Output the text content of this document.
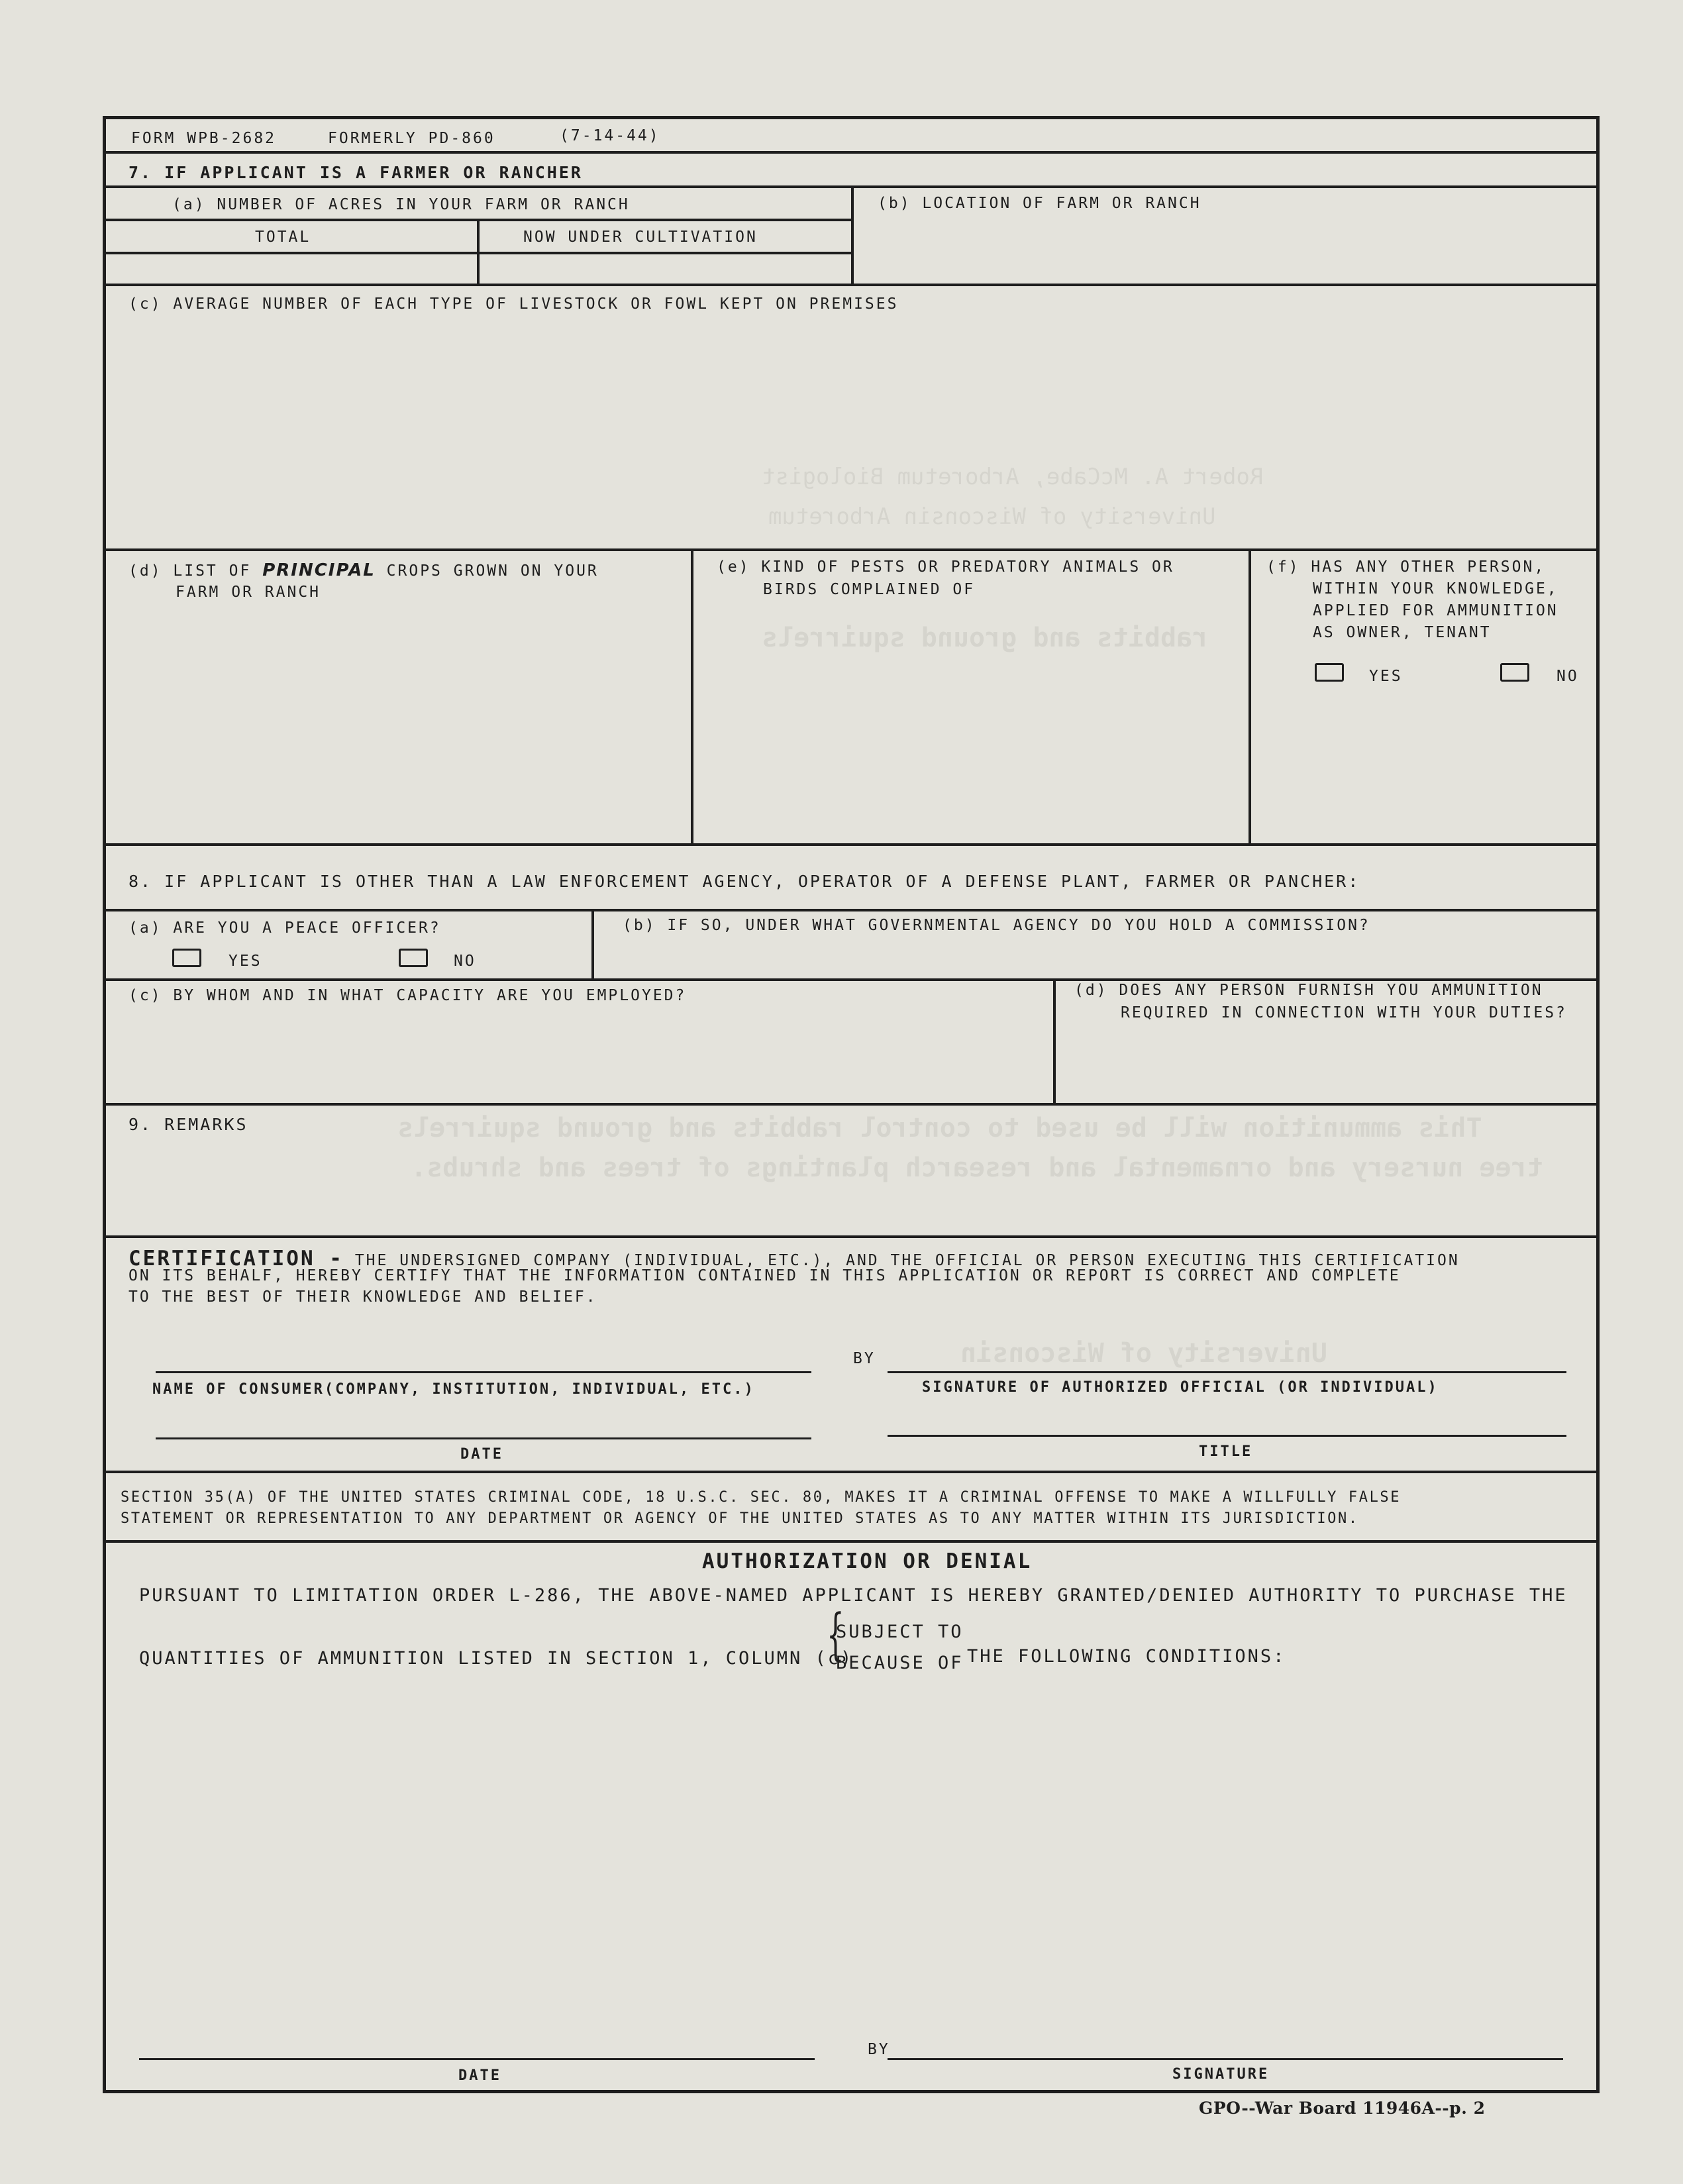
Robert A. McCabe, Arboretum Biologist
University of Wisconsin Arboretum
rabbits and ground squirrels
This ammunition will be used to control rabbits and ground squirrels
tree nursery and ornamental and research plantings of trees and shrubs.
University of Wisconsin
FORM WPB-2682	FORMERLY PD-860	(7-14-44)
7. IF APPLICANT IS A FARMER OR RANCHER
(a) NUMBER OF ACRES IN YOUR FARM OR RANCH	(b) LOCATION OF FARM OR RANCH
TOTAL	NOW UNDER CULTIVATION
(c) AVERAGE NUMBER OF EACH TYPE OF LIVESTOCK OR FOWL KEPT ON PREMISES
(d) LIST OF PRINCIPAL CROPS GROWN ON YOUR
FARM OR RANCH
(e) KIND OF PESTS OR PREDATORY ANIMALS OR
BIRDS COMPLAINED OF
(f) HAS ANY OTHER PERSON,
WITHIN YOUR KNOWLEDGE,
APPLIED FOR AMMUNITION
AS OWNER, TENANT
YES	NO
8. IF APPLICANT IS OTHER THAN A LAW ENFORCEMENT AGENCY, OPERATOR OF A DEFENSE PLANT, FARMER OR PANCHER:
(a) ARE YOU A PEACE OFFICER?
YES	NO
(b) IF SO, UNDER WHAT GOVERNMENTAL AGENCY DO YOU HOLD A COMMISSION?
(c) BY WHOM AND IN WHAT CAPACITY ARE YOU EMPLOYED?	(d) DOES ANY PERSON FURNISH YOU AMMUNITION
REQUIRED IN CONNECTION WITH YOUR DUTIES?
9. REMARKS
CERTIFICATION - THE UNDERSIGNED COMPANY (INDIVIDUAL, ETC.), AND THE OFFICIAL OR PERSON EXECUTING THIS CERTIFICATION
ON ITS BEHALF, HEREBY CERTIFY THAT THE INFORMATION CONTAINED IN THIS APPLICATION OR REPORT IS CORRECT AND COMPLETE
TO THE BEST OF THEIR KNOWLEDGE AND BELIEF.
BY
NAME OF CONSUMER(COMPANY, INSTITUTION, INDIVIDUAL, ETC.)	SIGNATURE OF AUTHORIZED OFFICIAL (OR INDIVIDUAL)
DATE	TITLE
SECTION 35(A) OF THE UNITED STATES CRIMINAL CODE, 18 U.S.C. SEC. 80, MAKES IT A CRIMINAL OFFENSE TO MAKE A WILLFULLY FALSE
STATEMENT OR REPRESENTATION TO ANY DEPARTMENT OR AGENCY OF THE UNITED STATES AS TO ANY MATTER WITHIN ITS JURISDICTION.
AUTHORIZATION OR DENIAL
PURSUANT TO LIMITATION ORDER L-286, THE ABOVE-NAMED APPLICANT IS HEREBY GRANTED/DENIED AUTHORITY TO PURCHASE THE
QUANTITIES OF AMMUNITION LISTED IN SECTION 1, COLUMN (c)
{
SUBJECT TO
BECAUSE OF THE FOLLOWING CONDITIONS:
BY
DATE	SIGNATURE
GPO--War Board 11946A--p. 2
